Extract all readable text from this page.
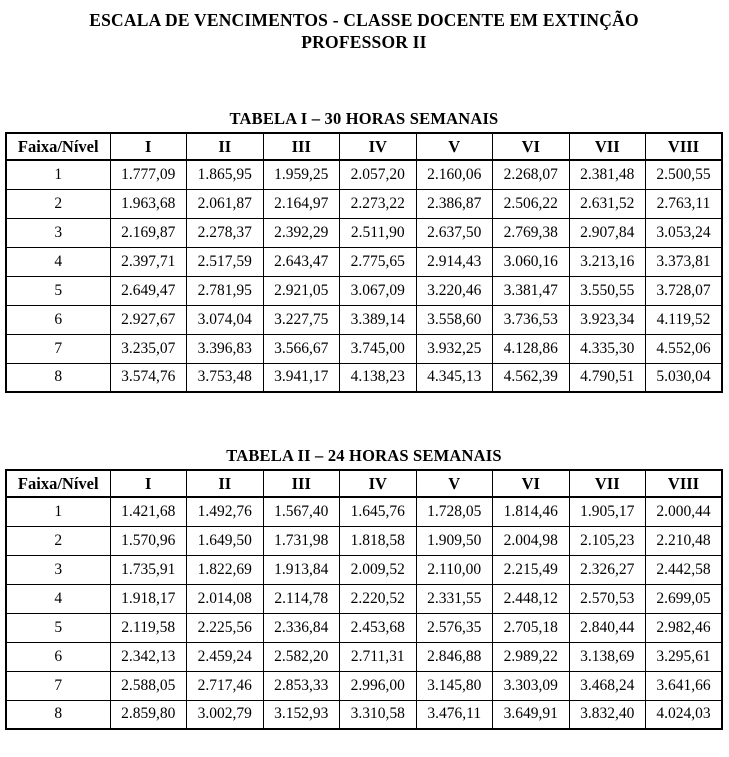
ESCALA DE VENCIMENTOS - CLASSE DOCENTE EM EXTINÇÃO
PROFESSOR II
TABELA I – 30 HORAS SEMANAIS
Faixa/Nível	I	II	III	IV	V	VI	VII	VIII
1	1.777,09	1.865,95	1.959,25	2.057,20	2.160,06	2.268,07	2.381,48	2.500,55
2	1.963,68	2.061,87	2.164,97	2.273,22	2.386,87	2.506,22	2.631,52	2.763,11
3	2.169,87	2.278,37	2.392,29	2.511,90	2.637,50	2.769,38	2.907,84	3.053,24
4	2.397,71	2.517,59	2.643,47	2.775,65	2.914,43	3.060,16	3.213,16	3.373,81
5	2.649,47	2.781,95	2.921,05	3.067,09	3.220,46	3.381,47	3.550,55	3.728,07
6	2.927,67	3.074,04	3.227,75	3.389,14	3.558,60	3.736,53	3.923,34	4.119,52
7	3.235,07	3.396,83	3.566,67	3.745,00	3.932,25	4.128,86	4.335,30	4.552,06
8	3.574,76	3.753,48	3.941,17	4.138,23	4.345,13	4.562,39	4.790,51	5.030,04
TABELA II – 24 HORAS SEMANAIS
Faixa/Nível	I	II	III	IV	V	VI	VII	VIII
1	1.421,68	1.492,76	1.567,40	1.645,76	1.728,05	1.814,46	1.905,17	2.000,44
2	1.570,96	1.649,50	1.731,98	1.818,58	1.909,50	2.004,98	2.105,23	2.210,48
3	1.735,91	1.822,69	1.913,84	2.009,52	2.110,00	2.215,49	2.326,27	2.442,58
4	1.918,17	2.014,08	2.114,78	2.220,52	2.331,55	2.448,12	2.570,53	2.699,05
5	2.119,58	2.225,56	2.336,84	2.453,68	2.576,35	2.705,18	2.840,44	2.982,46
6	2.342,13	2.459,24	2.582,20	2.711,31	2.846,88	2.989,22	3.138,69	3.295,61
7	2.588,05	2.717,46	2.853,33	2.996,00	3.145,80	3.303,09	3.468,24	3.641,66
8	2.859,80	3.002,79	3.152,93	3.310,58	3.476,11	3.649,91	3.832,40	4.024,03
